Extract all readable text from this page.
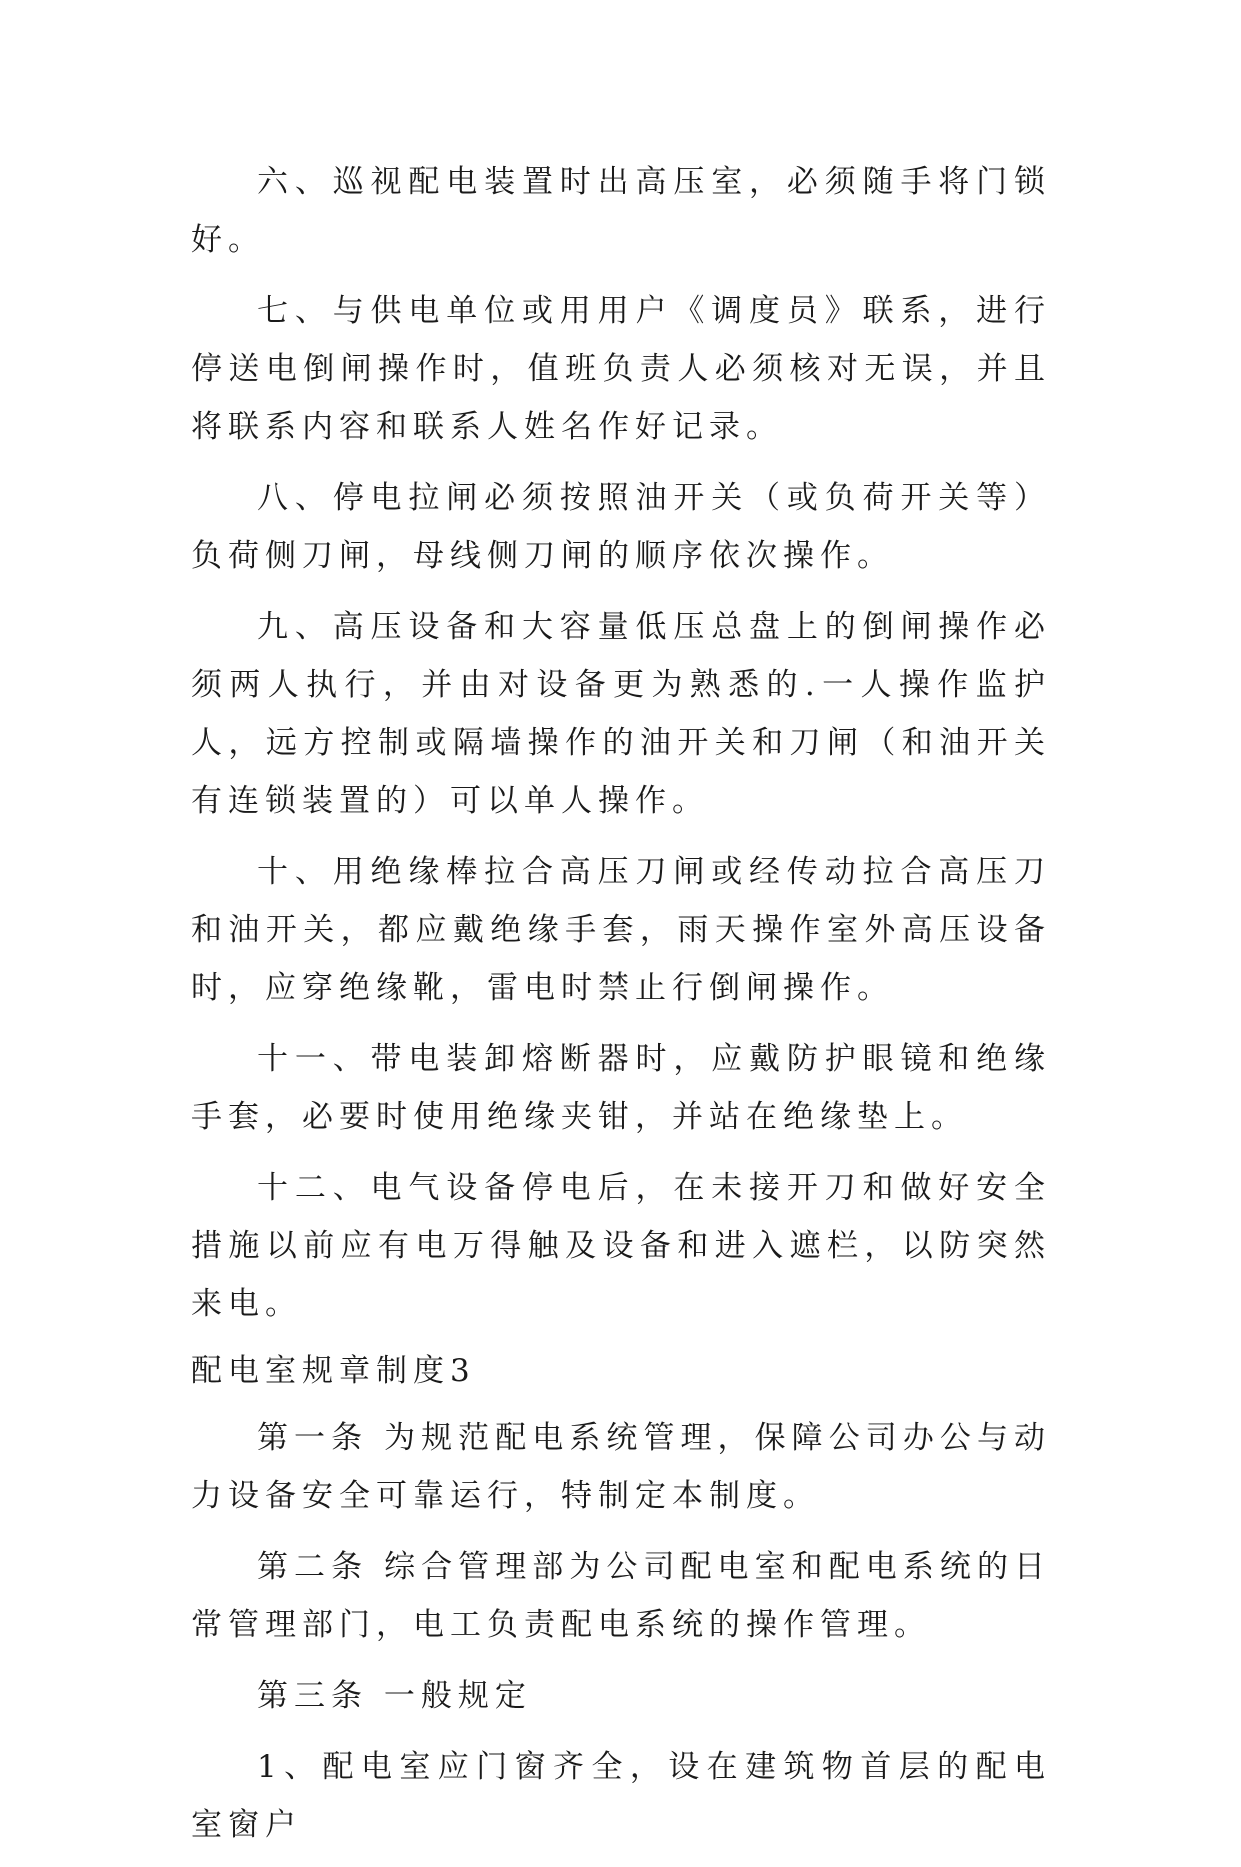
六、巡视配电装置时出高压室，必须随手将门锁好。

七、与供电单位或用用户《调度员》联系，进行停送电倒闸操作时，值班负责人必须核对无误，并且将联系内容和联系人姓名作好记录。

八、停电拉闸必须按照油开关（或负荷开关等）负荷侧刀闸，母线侧刀闸的顺序依次操作。

九、高压设备和大容量低压总盘上的倒闸操作必须两人执行，并由对设备更为熟悉的.一人操作监护人，远方控制或隔墙操作的油开关和刀闸（和油开关有连锁装置的）可以单人操作。

十、用绝缘棒拉合高压刀闸或经传动拉合高压刀和油开关，都应戴绝缘手套，雨天操作室外高压设备时，应穿绝缘靴，雷电时禁止行倒闸操作。

十一、带电装卸熔断器时，应戴防护眼镜和绝缘手套，必要时使用绝缘夹钳，并站在绝缘垫上。

十二、电气设备停电后，在未接开刀和做好安全措施以前应有电万得触及设备和进入遮栏，以防突然来电。

配电室规章制度3

第一条 为规范配电系统管理，保障公司办公与动力设备安全可靠运行，特制定本制度。

第二条 综合管理部为公司配电室和配电系统的日常管理部门，电工负责配电系统的操作管理。

第三条 一般规定

1、配电室应门窗齐全，设在建筑物首层的配电室窗户
